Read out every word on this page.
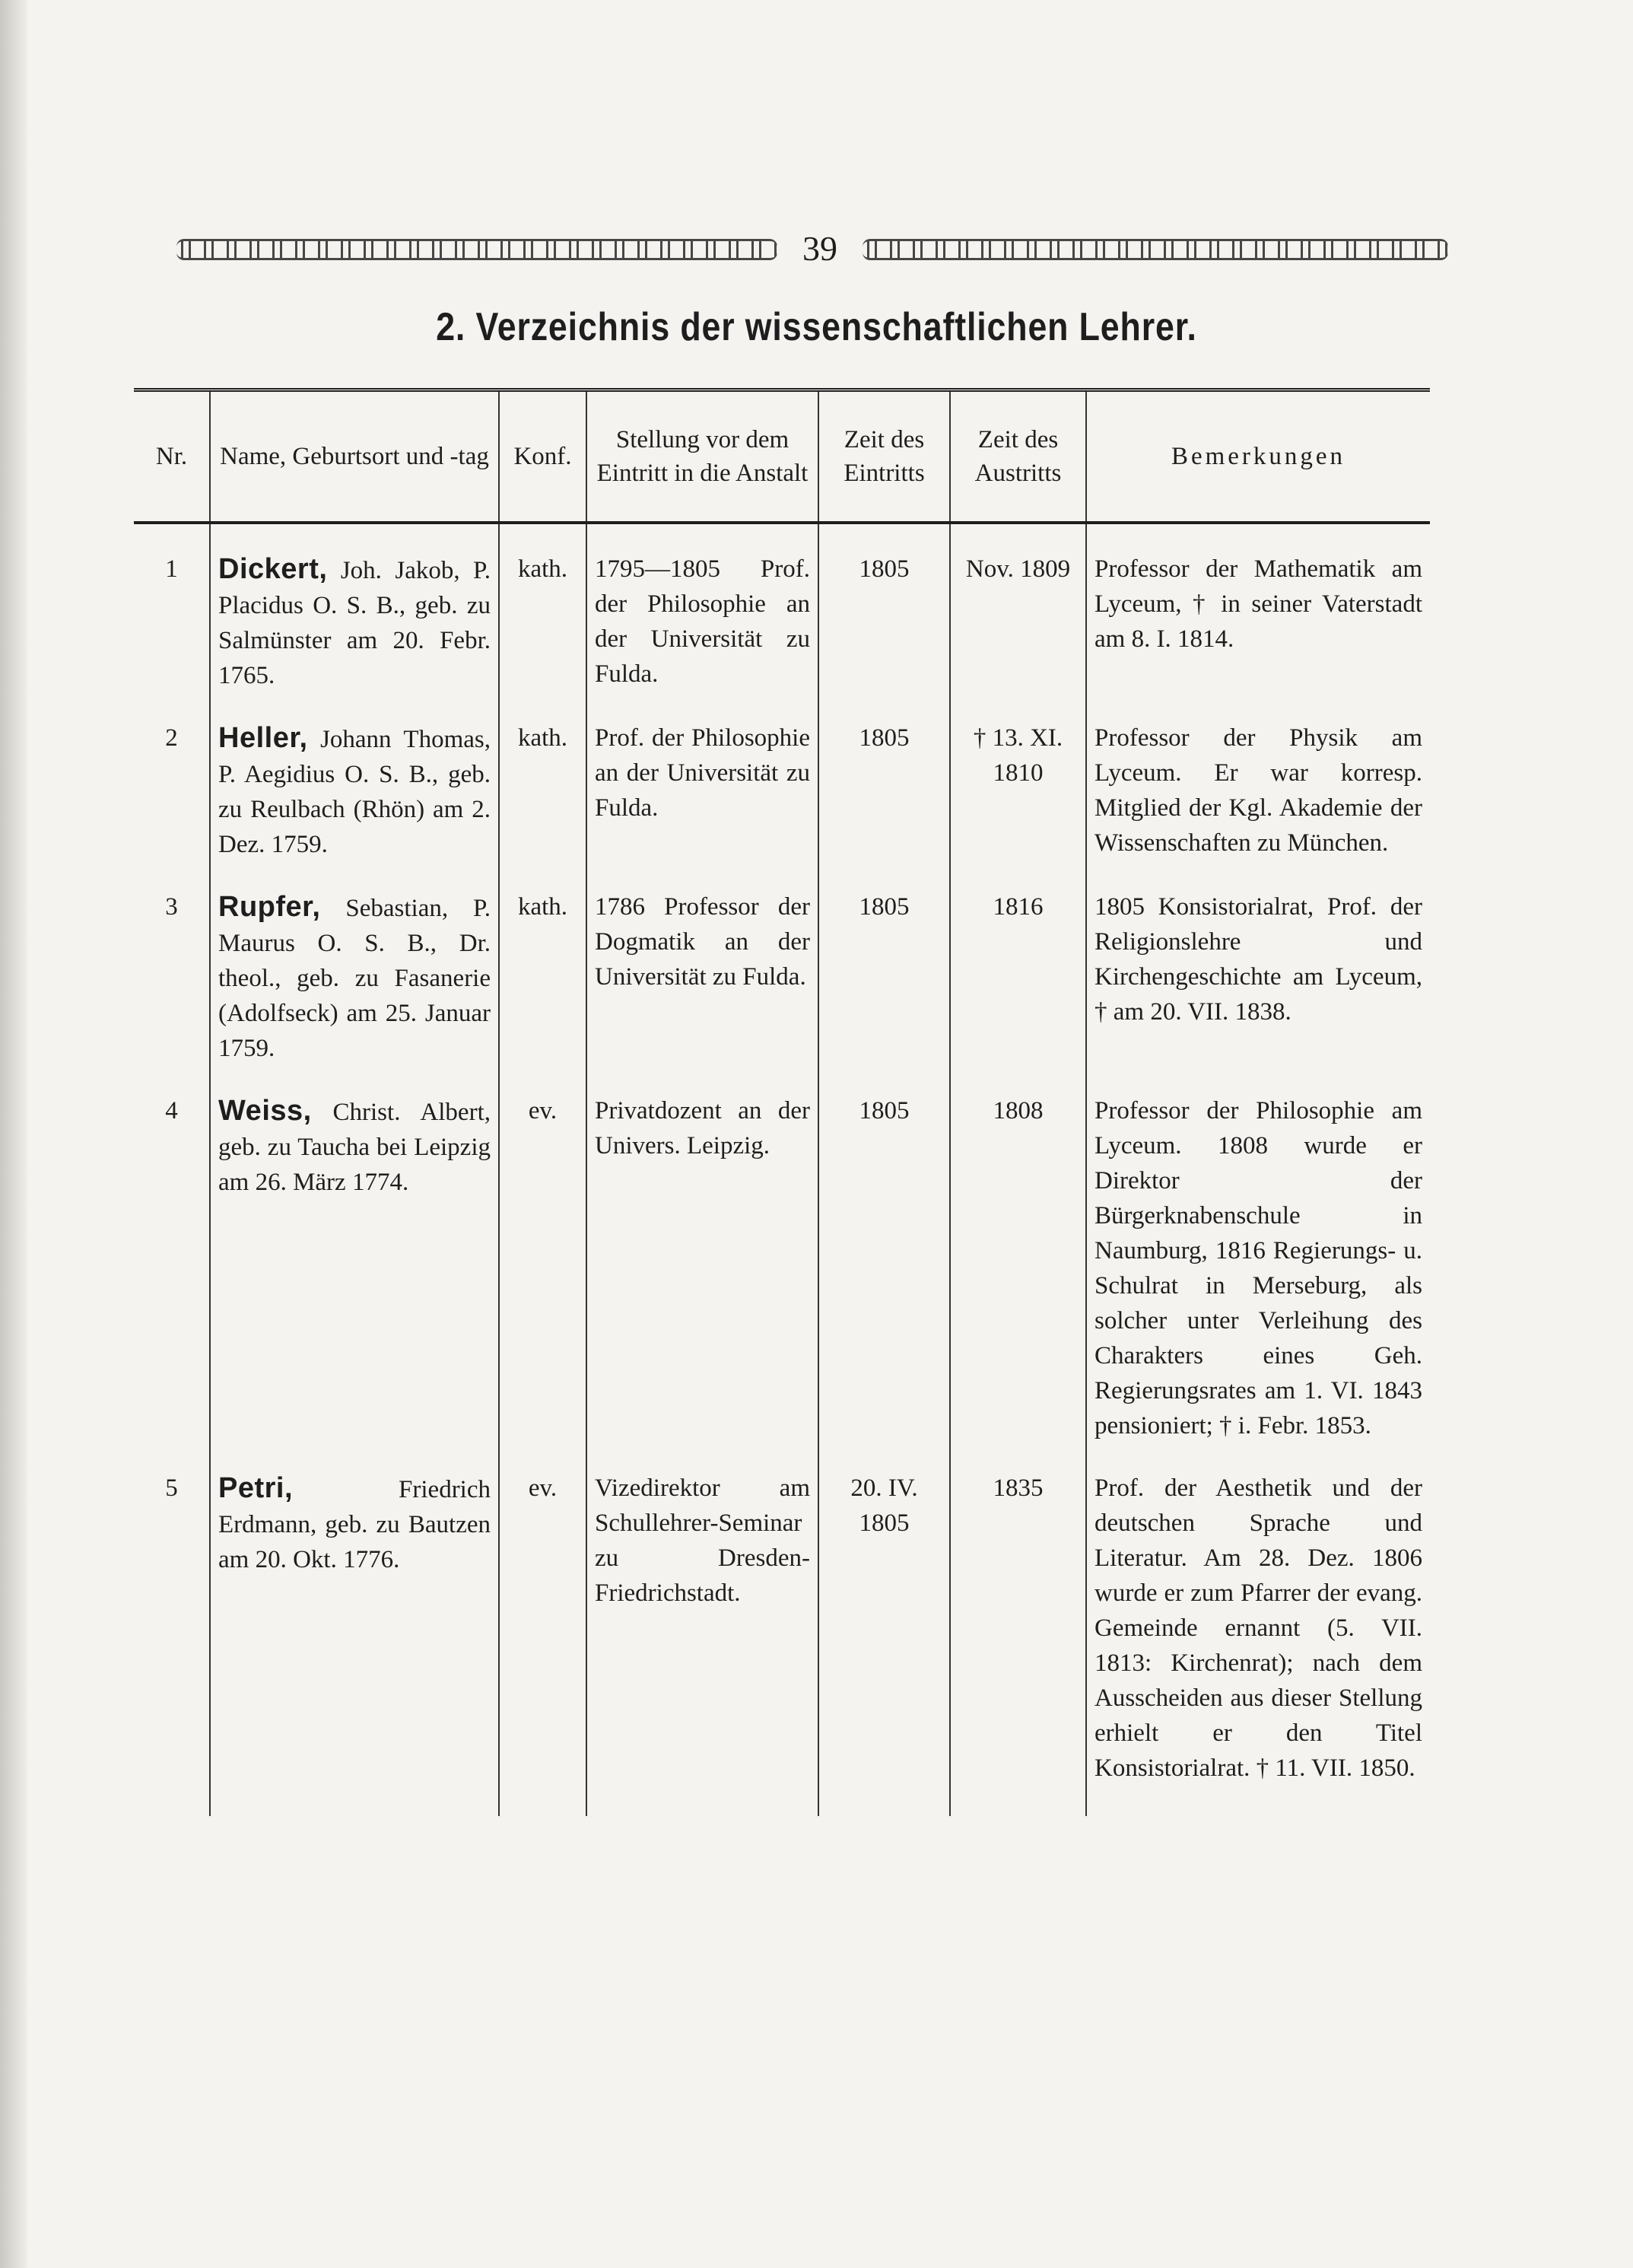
39
2. Verzeichnis der wissenschaftlichen Lehrer.
Nr.	Name, Geburtsort und -tag	Konf.	Stellung vor dem Eintritt in die Anstalt	Zeit des Eintritts	Zeit des Austritts	Bemerkungen
1	Dickert, Joh. Jakob, P. Placidus O. S. B., geb. zu Salmünster am 20. Febr. 1765.	kath.	1795—1805 Prof. der Philosophie an der Universität zu Fulda.	1805	Nov. 1809	Professor der Mathematik am Lyceum, † in seiner Vaterstadt am 8. I. 1814.
2	Heller, Johann Thomas, P. Aegidius O. S. B., geb. zu Reulbach (Rhön) am 2. Dez. 1759.	kath.	Prof. der Philosophie an der Universität zu Fulda.	1805	† 13. XI. 1810	Professor der Physik am Lyceum. Er war korresp. Mitglied der Kgl. Akademie der Wissenschaften zu München.
3	Rupfer, Sebastian, P. Maurus O. S. B., Dr. theol., geb. zu Fasanerie (Adolfseck) am 25. Januar 1759.	kath.	1786 Professor der Dogmatik an der Universität zu Fulda.	1805	1816	1805 Konsistorialrat, Prof. der Religionslehre und Kirchengeschichte am Lyceum, † am 20. VII. 1838.
4	Weiss, Christ. Albert, geb. zu Taucha bei Leipzig am 26. März 1774.	ev.	Privatdozent an der Univers. Leipzig.	1805	1808	Professor der Philosophie am Lyceum. 1808 wurde er Direktor der Bürgerknabenschule in Naumburg, 1816 Regierungs- u. Schulrat in Merseburg, als solcher unter Verleihung des Charakters eines Geh. Regierungsrates am 1. VI. 1843 pensioniert; † i. Febr. 1853.
5	Petri, Friedrich Erdmann, geb. zu Bautzen am 20. Okt. 1776.	ev.	Vizedirektor am Schullehrer-Seminar zu Dresden-Friedrichstadt.	20. IV. 1805	1835	Prof. der Aesthetik und der deutschen Sprache und Literatur. Am 28. Dez. 1806 wurde er zum Pfarrer der evang. Gemeinde ernannt (5. VII. 1813: Kirchenrat); nach dem Ausscheiden aus dieser Stellung erhielt er den Titel Konsistorialrat. † 11. VII. 1850.
